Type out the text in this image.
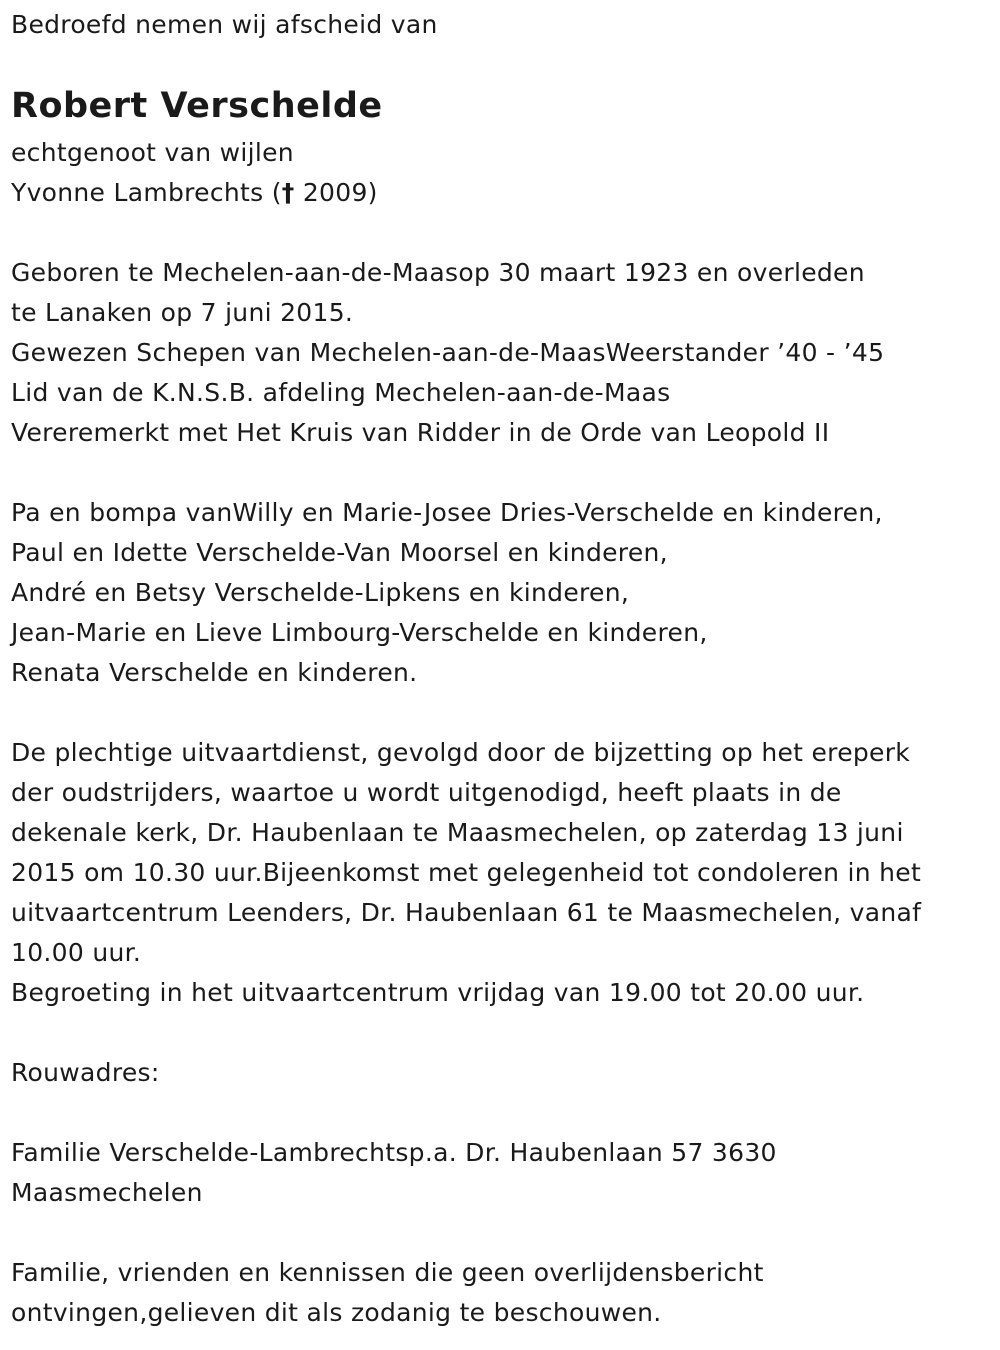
Bedroefd nemen wij afscheid van
Robert Verschelde
echtgenoot van wijlen
Yvonne Lambrechts († 2009)
Geboren te Mechelen-aan-de-Maasop 30 maart 1923 en overleden
te Lanaken op 7 juni 2015.
Gewezen Schepen van Mechelen-aan-de-MaasWeerstander ’40 - ’45
Lid van de K.N.S.B. afdeling Mechelen-aan-de-Maas
Vereremerkt met Het Kruis van Ridder in de Orde van Leopold II
Pa en bompa vanWilly en Marie-Josee Dries-Verschelde en kinderen,
Paul en Idette Verschelde-Van Moorsel en kinderen,
André en Betsy Verschelde-Lipkens en kinderen,
Jean-Marie en Lieve Limbourg-Verschelde en kinderen,
Renata Verschelde en kinderen.
De plechtige uitvaartdienst, gevolgd door de bijzetting op het ereperk
der oudstrijders, waartoe u wordt uitgenodigd, heeft plaats in de
dekenale kerk, Dr. Haubenlaan te Maasmechelen, op zaterdag 13 juni
2015 om 10.30 uur.Bijeenkomst met gelegenheid tot condoleren in het
uitvaartcentrum Leenders, Dr. Haubenlaan 61 te Maasmechelen, vanaf
10.00 uur.
Begroeting in het uitvaartcentrum vrijdag van 19.00 tot 20.00 uur.
Rouwadres:
Familie Verschelde-Lambrechtsp.a. Dr. Haubenlaan 57 3630
Maasmechelen
Familie, vrienden en kennissen die geen overlijdensbericht
ontvingen,gelieven dit als zodanig te beschouwen.
